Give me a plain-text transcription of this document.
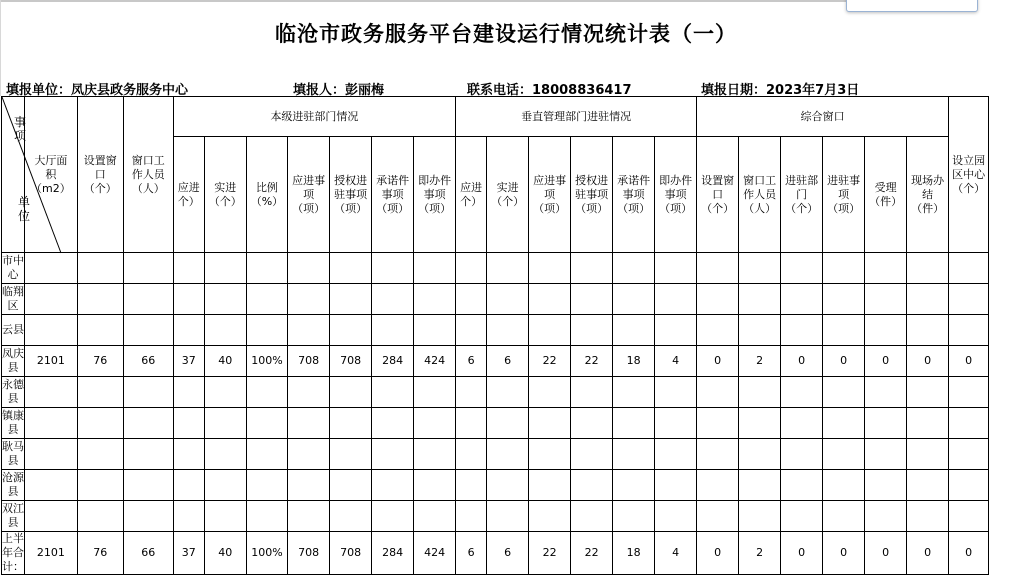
临沧市政务服务平台建设运行情况统计表（一）
填报单位：凤庆县政务服务中心	填报人：彭丽梅	联系电话：18008836417	填报日期：2023年7月3日
事项
单位	大厅面积（m2）	设置窗口（个）	窗口工作人员（人）	本级进驻部门情况							垂直管理部门进驻情况						综合窗口						设立园区中心（个）
				应进个）	实进（个）	比例（%）	应进事项（项）	授权进驻事项（项）	承诺件事项（项）	即办件事项（项）	应进个）	实进（个）	应进事项（项）	授权进驻事项（项）	承诺件事项（项）	即办件事项（项）	设置窗口（个）	窗口工作人员（人）	进驻部门（个）	进驻事项（项）	受理（件）	现场办结（件）	
市中心																							
临翔区																							
云县																							
凤庆县	2101	76	66	37	40	100%	708	708	284	424	6	6	22	22	18	4	0	2	0	0	0	0	0
永德县																							
镇康县																							
耿马县																							
沧源县																							
双江县																							
上半年合计：	2101	76	66	37	40	100%	708	708	284	424	6	6	22	22	18	4	0	2	0	0	0	0	0
